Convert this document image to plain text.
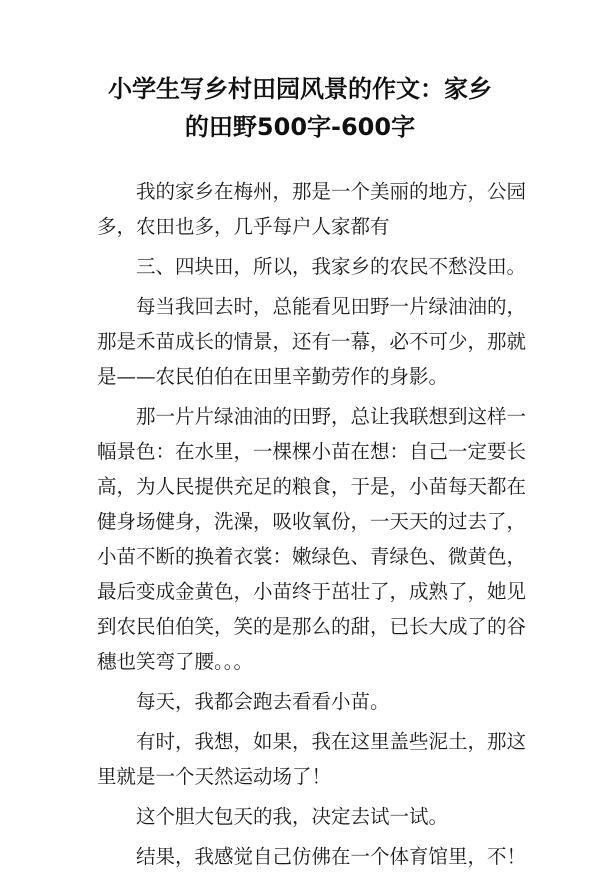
小学生写乡村田园风景的作文：家乡
的田野500字-600字
　　我的家乡在梅州，那是一个美丽的地方，公园
多，农田也多，几乎每户人家都有
　　三、四块田，所以，我家乡的农民不愁没田。
　　每当我回去时，总能看见田野一片绿油油的，
那是禾苗成长的情景，还有一幕，必不可少，那就
是——农民伯伯在田里辛勤劳作的身影。
　　那一片片绿油油的田野，总让我联想到这样一
幅景色：在水里，一棵棵小苗在想：自己一定要长
高，为人民提供充足的粮食，于是，小苗每天都在
健身场健身，洗澡，吸收氧份，一天天的过去了，
小苗不断的换着衣裳：嫩绿色、青绿色、微黄色，
最后变成金黄色，小苗终于茁壮了，成熟了，她见
到农民伯伯笑，笑的是那么的甜，已长大成了的谷
穗也笑弯了腰。。。
　　每天，我都会跑去看看小苗。
　　有时，我想，如果，我在这里盖些泥土，那这
里就是一个天然运动场了！
　　这个胆大包天的我，决定去试一试。
　　结果，我感觉自己仿佛在一个体育馆里，不！
